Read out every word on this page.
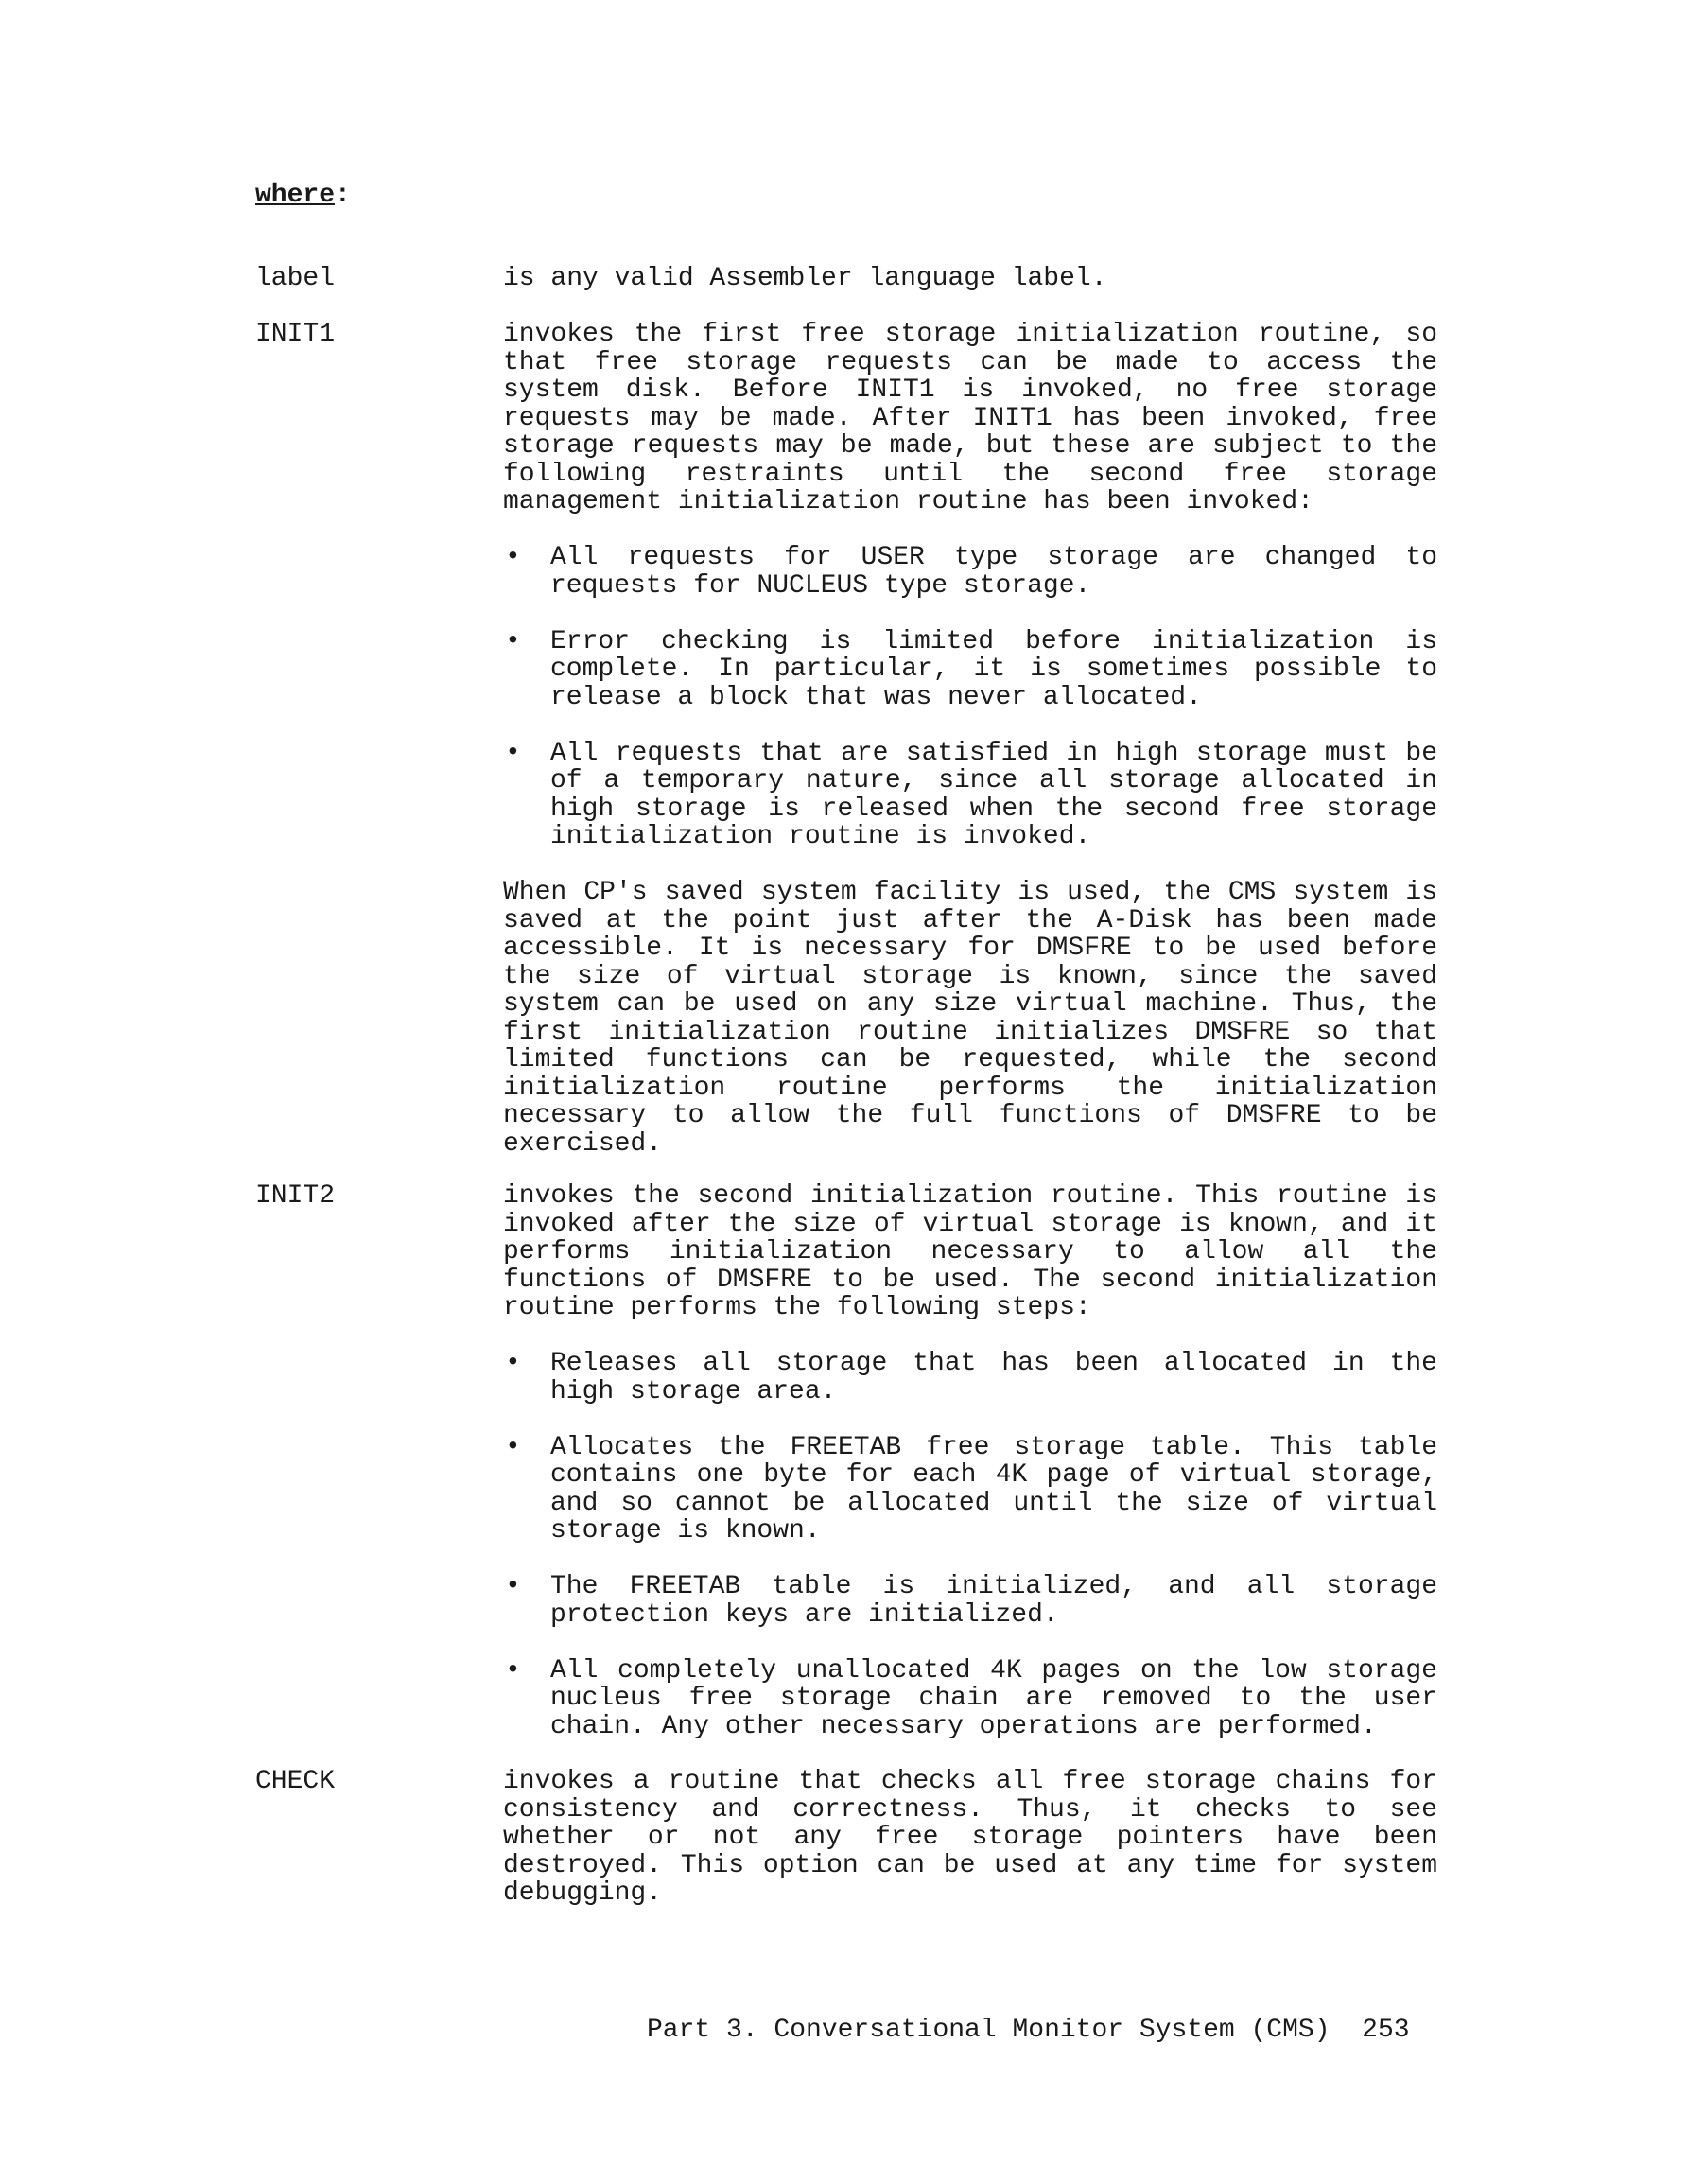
where:
label	is any valid Assembler language label.

INIT1	invokes the first free storage initialization routine, so that free storage requests can be made to access the system disk. Before INIT1 is invoked, no free storage requests may be made. After INIT1 has been invoked, free storage requests may be made, but these are subject to the following restraints until the second free storage management initialization routine has been invoked:

• All requests for USER type storage are changed to requests for NUCLEUS type storage.
• Error checking is limited before initialization is complete. In particular, it is sometimes possible to release a block that was never allocated.
• All requests that are satisfied in high storage must be of a temporary nature, since all storage allocated in high storage is released when the second free storage initialization routine is invoked.

When CP's saved system facility is used, the CMS system is saved at the point just after the A-Disk has been made accessible. It is necessary for DMSFRE to be used before the size of virtual storage is known, since the saved system can be used on any size virtual machine. Thus, the first initialization routine initializes DMSFRE so that limited functions can be requested, while the second initialization routine performs the initialization necessary to allow the full functions of DMSFRE to be exercised.

INIT2	invokes the second initialization routine. This routine is invoked after the size of virtual storage is known, and it performs initialization necessary to allow all the functions of DMSFRE to be used. The second initialization routine performs the following steps:

• Releases all storage that has been allocated in the high storage area.
• Allocates the FREETAB free storage table. This table contains one byte for each 4K page of virtual storage, and so cannot be allocated until the size of virtual storage is known.
• The FREETAB table is initialized, and all storage protection keys are initialized.
• All completely unallocated 4K pages on the low storage nucleus free storage chain are removed to the user chain. Any other necessary operations are performed.
CHECK	invokes a routine that checks all free storage chains for consistency and correctness. Thus, it checks to see whether or not any free storage pointers have been destroyed. This option can be used at any time for system debugging.

Part 3. Conversational Monitor System (CMS) 253
